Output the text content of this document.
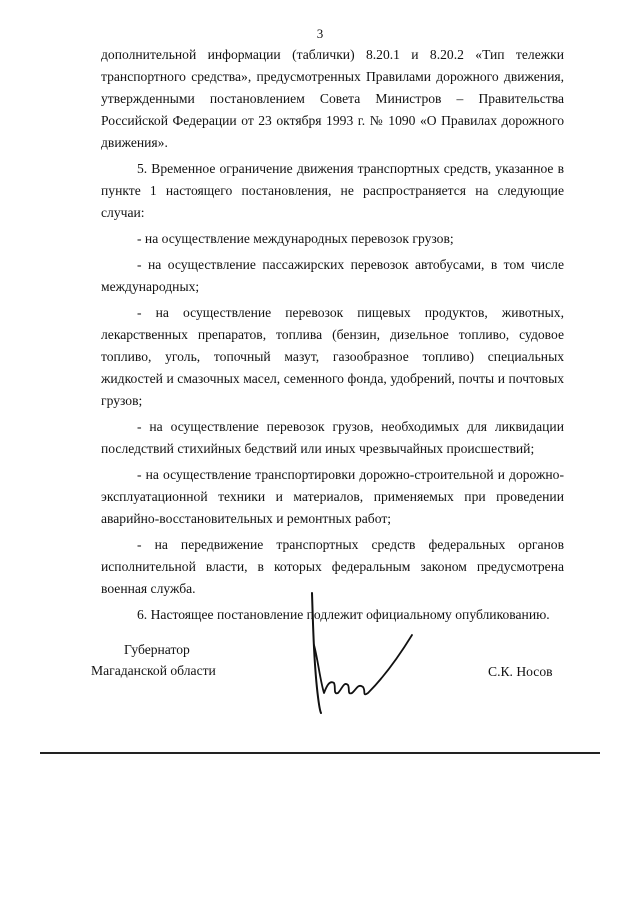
3

дополнительной информации (таблички) 8.20.1 и 8.20.2 «Тип тележки транспортного средства», предусмотренных Правилами дорожного движения, утвержденными постановлением Совета Министров – Правительства Российской Федерации от 23 октября 1993 г. № 1090 «О Правилах дорожного движения».

5. Временное ограничение движения транспортных средств, указанное в пункте 1 настоящего постановления, не распространяется на следующие случаи:

- на осуществление международных перевозок грузов;

- на осуществление пассажирских перевозок автобусами, в том числе международных;

- на осуществление перевозок пищевых продуктов, животных, лекарственных препаратов, топлива (бензин, дизельное топливо, судовое топливо, уголь, топочный мазут, газообразное топливо) специальных жидкостей и смазочных масел, семенного фонда, удобрений, почты и почтовых грузов;

- на осуществление перевозок грузов, необходимых для ликвидации последствий стихийных бедствий или иных чрезвычайных происшествий;

- на осуществление транспортировки дорожно-строительной и дорожно-эксплуатационной техники и материалов, применяемых при проведении аварийно-восстановительных и ремонтных работ;

- на передвижение транспортных средств федеральных органов исполнительной власти, в которых федеральным законом предусмотрена военная служба.

6. Настоящее постановление подлежит официальному опубликованию.

Губернатор
Магаданской области	С.К. Носов
